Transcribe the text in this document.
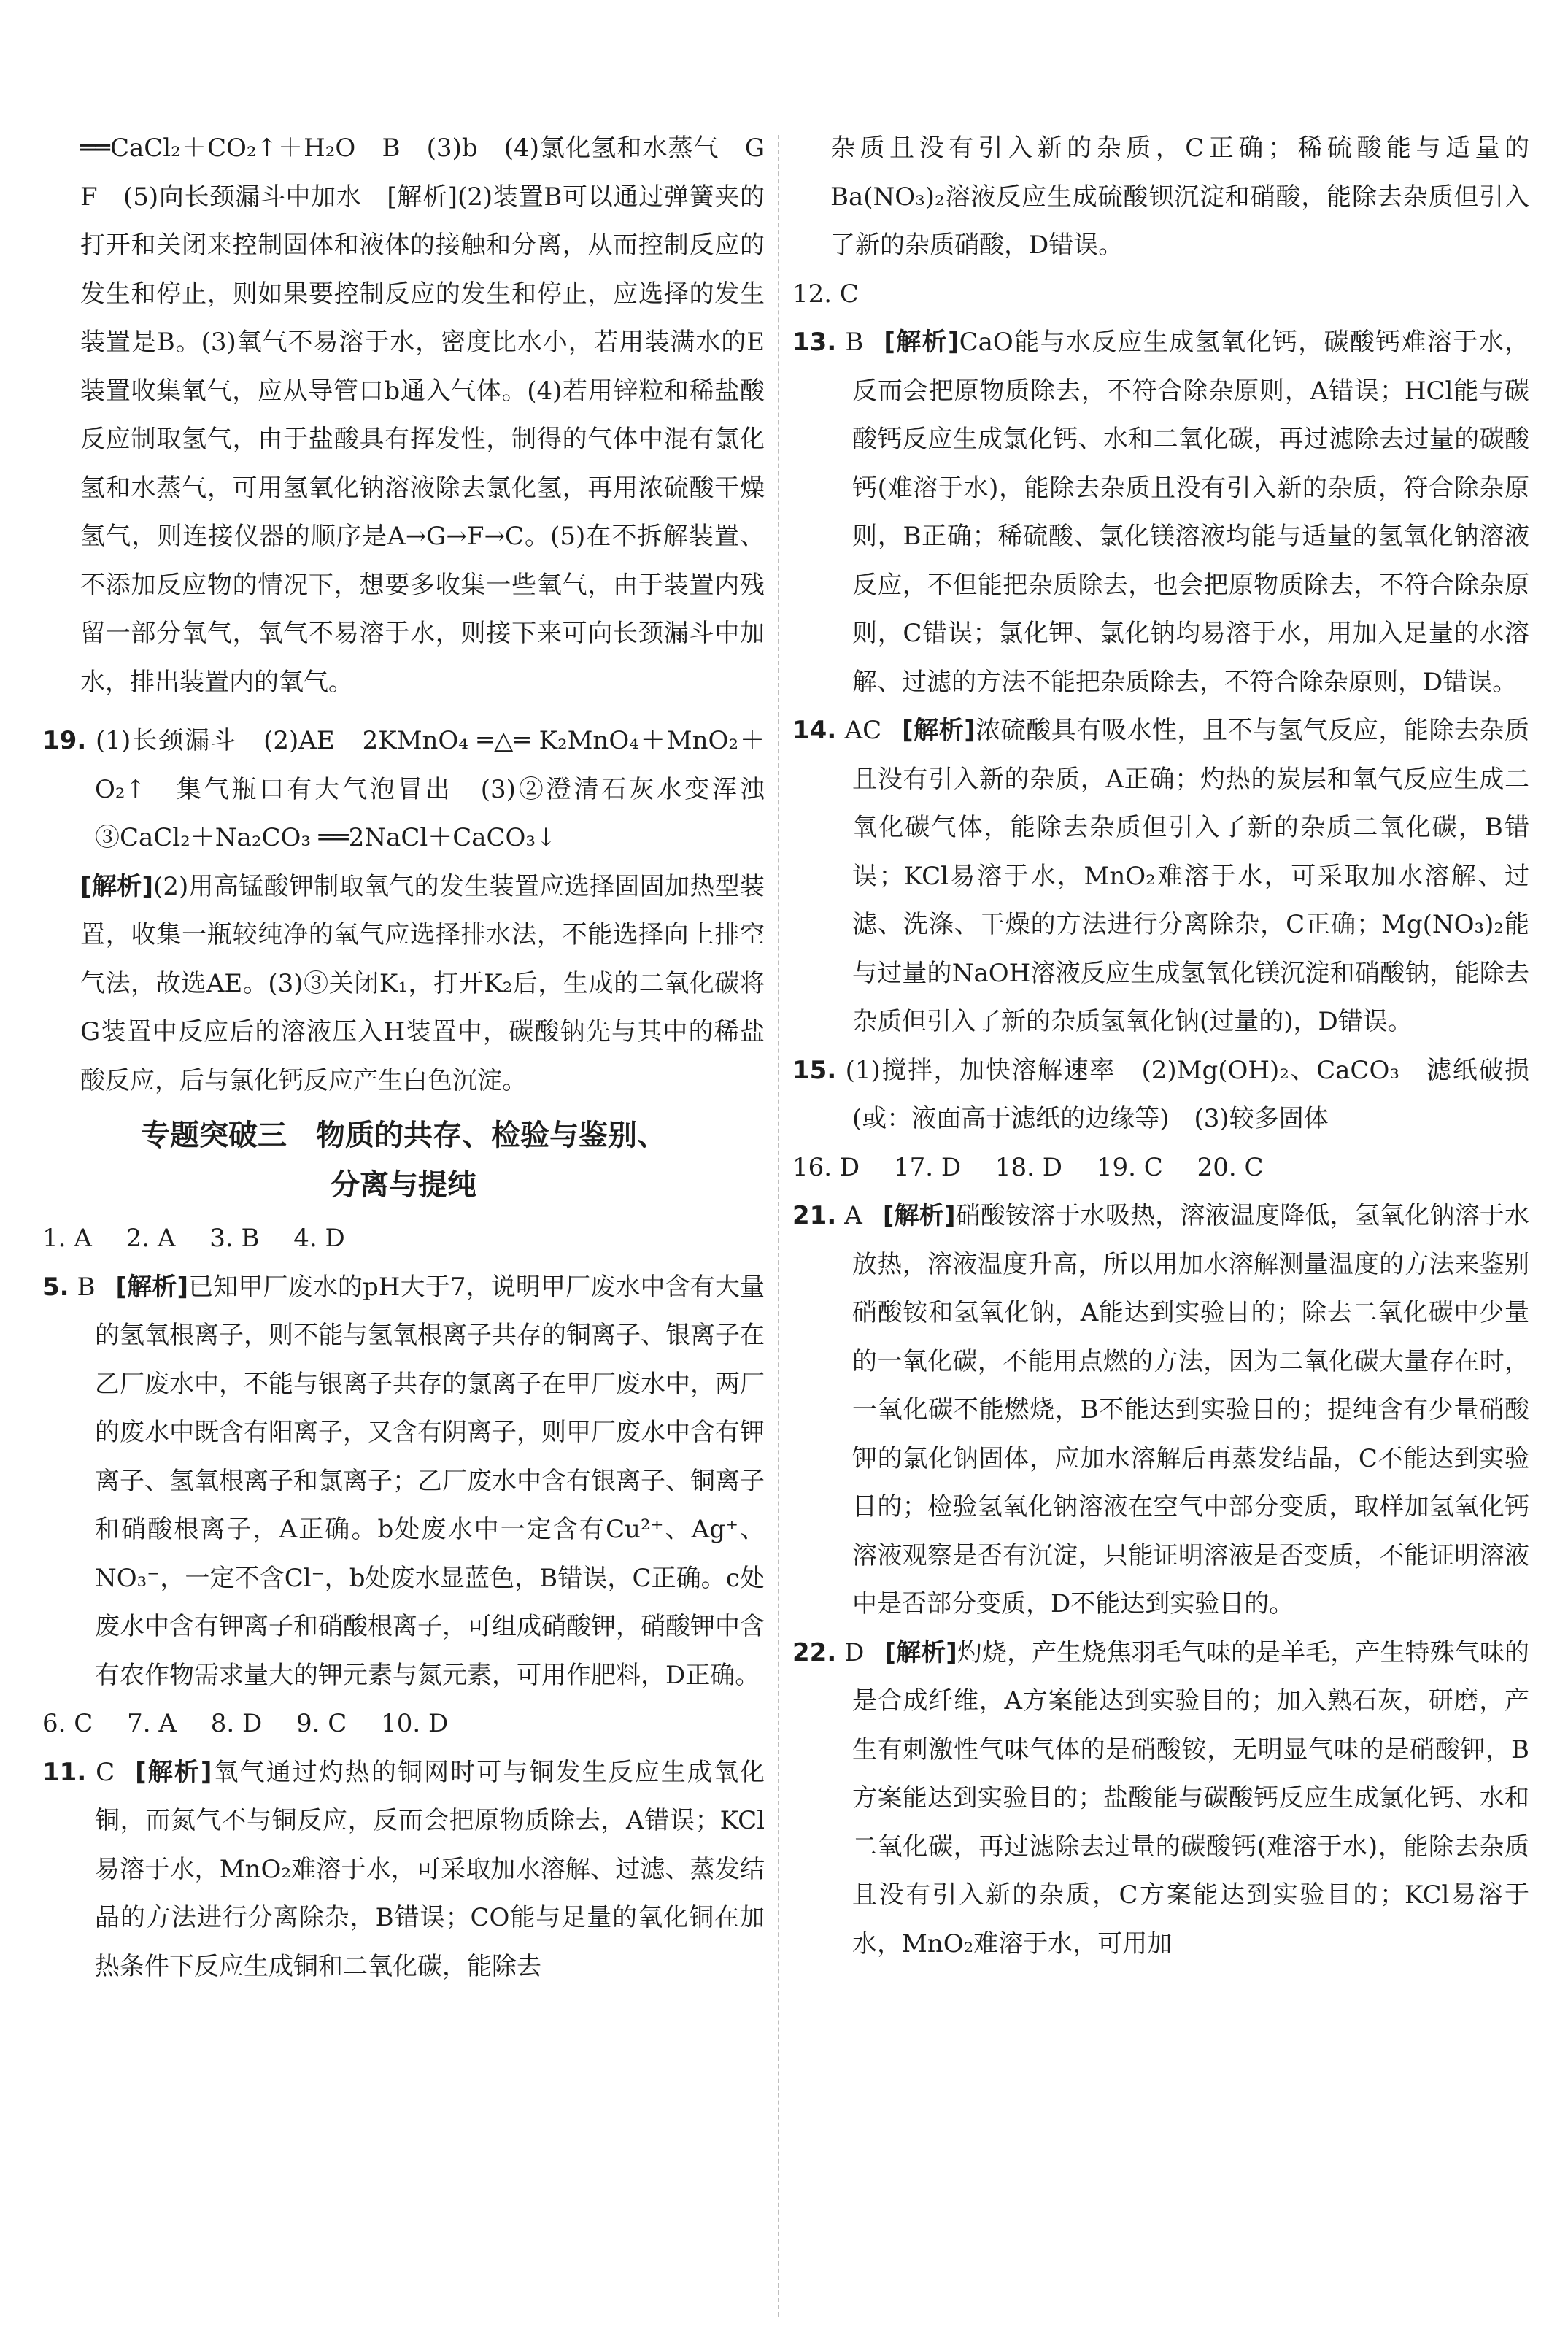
══CaCl₂＋CO₂↑＋H₂O　B　(3)b　(4)氯化氢和水蒸气　G　F　(5)向长颈漏斗中加水　[解析](2)装置B可以通过弹簧夹的打开和关闭来控制固体和液体的接触和分离，从而控制反应的发生和停止，则如果要控制反应的发生和停止，应选择的发生装置是B。(3)氧气不易溶于水，密度比水小，若用装满水的E装置收集氧气，应从导管口b通入气体。(4)若用锌粒和稀盐酸反应制取氢气，由于盐酸具有挥发性，制得的气体中混有氯化氢和水蒸气，可用氢氧化钠溶液除去氯化氢，再用浓硫酸干燥氢气，则连接仪器的顺序是A→G→F→C。(5)在不拆解装置、不添加反应物的情况下，想要多收集一些氧气，由于装置内残留一部分氧气，氧气不易溶于水，则接下来可向长颈漏斗中加水，排出装置内的氧气。
19. (1)长颈漏斗　(2)AE　2KMnO₄ ═△═ K₂MnO₄＋MnO₂＋O₂↑　集气瓶口有大气泡冒出　(3)②澄清石灰水变浑浊　③CaCl₂＋Na₂CO₃ ══2NaCl＋CaCO₃↓
[解析](2)用高锰酸钾制取氧气的发生装置应选择固固加热型装置，收集一瓶较纯净的氧气应选择排水法，不能选择向上排空气法，故选AE。(3)③关闭K₁，打开K₂后，生成的二氧化碳将G装置中反应后的溶液压入H装置中，碳酸钠先与其中的稀盐酸反应，后与氯化钙反应产生白色沉淀。
专题突破三　物质的共存、检验与鉴别、
分离与提纯
1. A 2. A 3. B 4. D
5. B [解析]已知甲厂废水的pH大于7，说明甲厂废水中含有大量的氢氧根离子，则不能与氢氧根离子共存的铜离子、银离子在乙厂废水中，不能与银离子共存的氯离子在甲厂废水中，两厂的废水中既含有阳离子，又含有阴离子，则甲厂废水中含有钾离子、氢氧根离子和氯离子；乙厂废水中含有银离子、铜离子和硝酸根离子，A正确。b处废水中一定含有Cu²⁺、Ag⁺、NO₃⁻，一定不含Cl⁻，b处废水显蓝色，B错误，C正确。c处废水中含有钾离子和硝酸根离子，可组成硝酸钾，硝酸钾中含有农作物需求量大的钾元素与氮元素，可用作肥料，D正确。
6. C 7. A 8. D 9. C 10. D
11. C [解析]氧气通过灼热的铜网时可与铜发生反应生成氧化铜，而氮气不与铜反应，反而会把原物质除去，A错误；KCl易溶于水，MnO₂难溶于水，可采取加水溶解、过滤、蒸发结晶的方法进行分离除杂，B错误；CO能与足量的氧化铜在加热条件下反应生成铜和二氧化碳，能除去
杂质且没有引入新的杂质，C正确；稀硫酸能与适量的Ba(NO₃)₂溶液反应生成硫酸钡沉淀和硝酸，能除去杂质但引入了新的杂质硝酸，D错误。
12. C
13. B [解析]CaO能与水反应生成氢氧化钙，碳酸钙难溶于水，反而会把原物质除去，不符合除杂原则，A错误；HCl能与碳酸钙反应生成氯化钙、水和二氧化碳，再过滤除去过量的碳酸钙(难溶于水)，能除去杂质且没有引入新的杂质，符合除杂原则，B正确；稀硫酸、氯化镁溶液均能与适量的氢氧化钠溶液反应，不但能把杂质除去，也会把原物质除去，不符合除杂原则，C错误；氯化钾、氯化钠均易溶于水，用加入足量的水溶解、过滤的方法不能把杂质除去，不符合除杂原则，D错误。
14. AC [解析]浓硫酸具有吸水性，且不与氢气反应，能除去杂质且没有引入新的杂质，A正确；灼热的炭层和氧气反应生成二氧化碳气体，能除去杂质但引入了新的杂质二氧化碳，B错误；KCl易溶于水，MnO₂难溶于水，可采取加水溶解、过滤、洗涤、干燥的方法进行分离除杂，C正确；Mg(NO₃)₂能与过量的NaOH溶液反应生成氢氧化镁沉淀和硝酸钠，能除去杂质但引入了新的杂质氢氧化钠(过量的)，D错误。
15. (1)搅拌，加快溶解速率　(2)Mg(OH)₂、CaCO₃　滤纸破损(或：液面高于滤纸的边缘等)　(3)较多固体
16. D 17. D 18. D 19. C 20. C
21. A [解析]硝酸铵溶于水吸热，溶液温度降低，氢氧化钠溶于水放热，溶液温度升高，所以用加水溶解测量温度的方法来鉴别硝酸铵和氢氧化钠，A能达到实验目的；除去二氧化碳中少量的一氧化碳，不能用点燃的方法，因为二氧化碳大量存在时，一氧化碳不能燃烧，B不能达到实验目的；提纯含有少量硝酸钾的氯化钠固体，应加水溶解后再蒸发结晶，C不能达到实验目的；检验氢氧化钠溶液在空气中部分变质，取样加氢氧化钙溶液观察是否有沉淀，只能证明溶液是否变质，不能证明溶液中是否部分变质，D不能达到实验目的。
22. D [解析]灼烧，产生烧焦羽毛气味的是羊毛，产生特殊气味的是合成纤维，A方案能达到实验目的；加入熟石灰，研磨，产生有刺激性气味气体的是硝酸铵，无明显气味的是硝酸钾，B方案能达到实验目的；盐酸能与碳酸钙反应生成氯化钙、水和二氧化碳，再过滤除去过量的碳酸钙(难溶于水)，能除去杂质且没有引入新的杂质，C方案能达到实验目的；KCl易溶于水，MnO₂难溶于水，可用加
